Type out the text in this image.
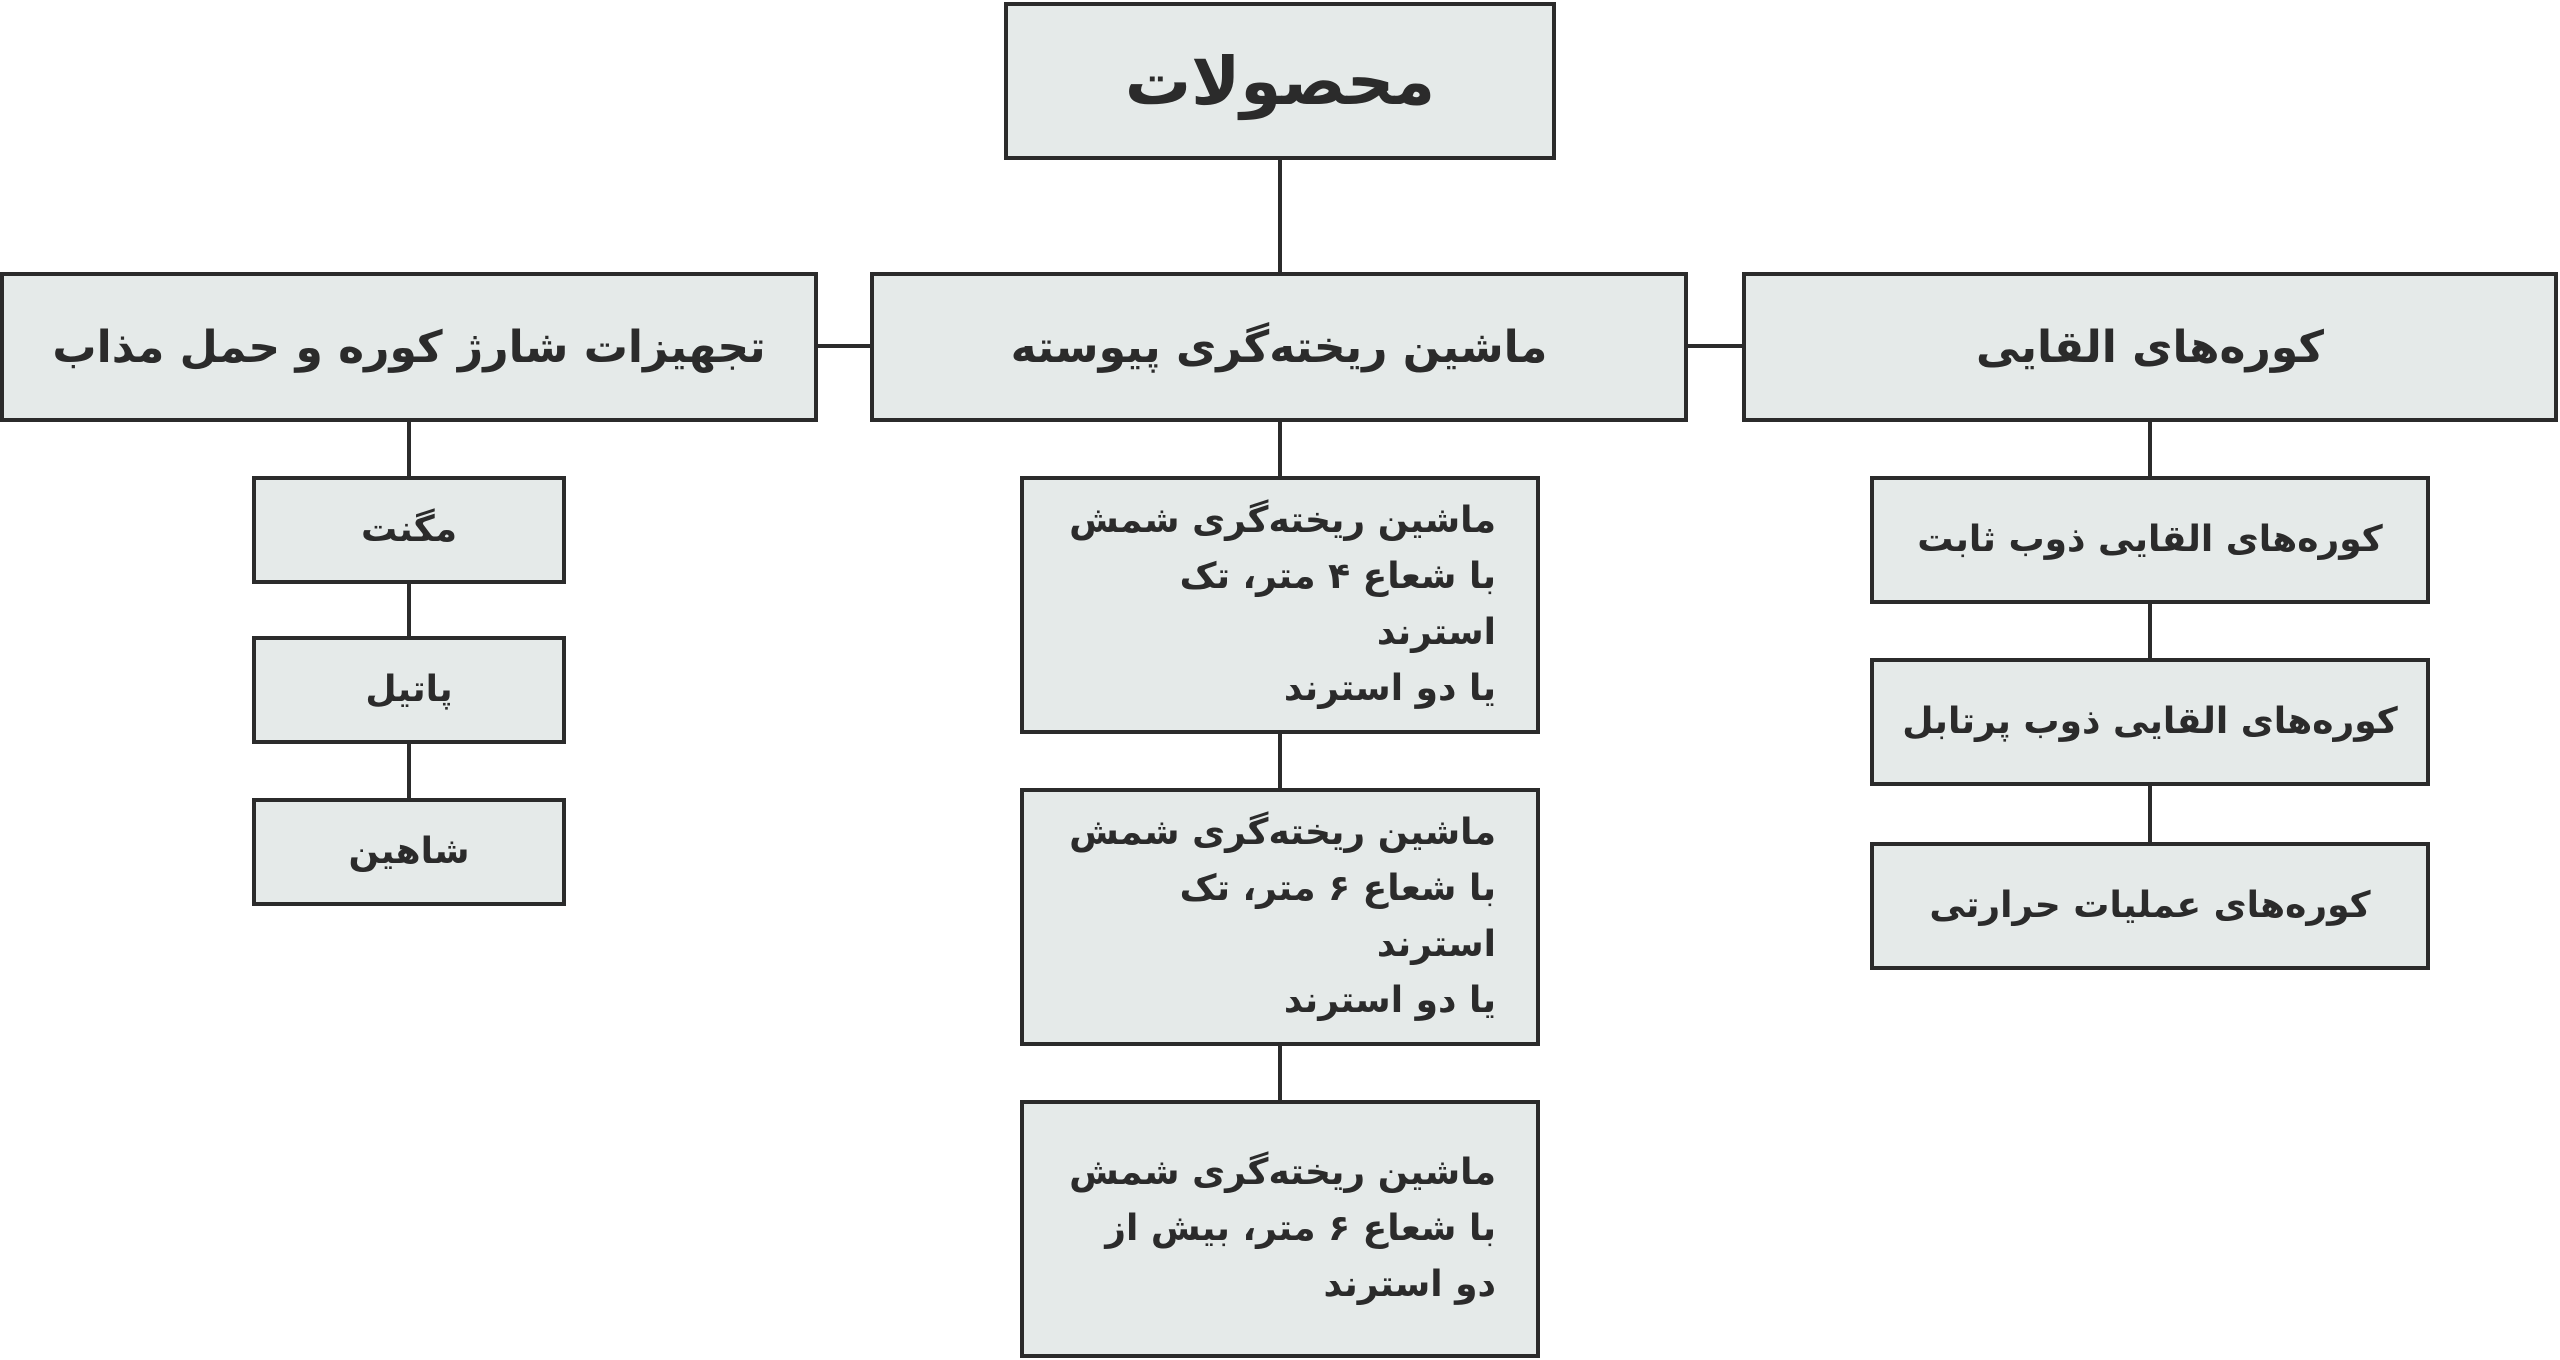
محصولات
کوره‌های القایی
ماشین ریخته‌گری پیوسته
تجهیزات شارژ کوره و حمل مذاب
کوره‌های القایی ذوب ثابت
کوره‌های القایی ذوب پرتابل
کوره‌های عملیات حرارتی
ماشین ریخته‌گری شمش
با شعاع ۴ متر، تک استرند
یا دو استرند
ماشین ریخته‌گری شمش
با شعاع ۶ متر، تک استرند
یا دو استرند
ماشین ریخته‌گری شمش
با شعاع ۶ متر، بیش از
دو استرند
مگنت
پاتیل
شاهین
